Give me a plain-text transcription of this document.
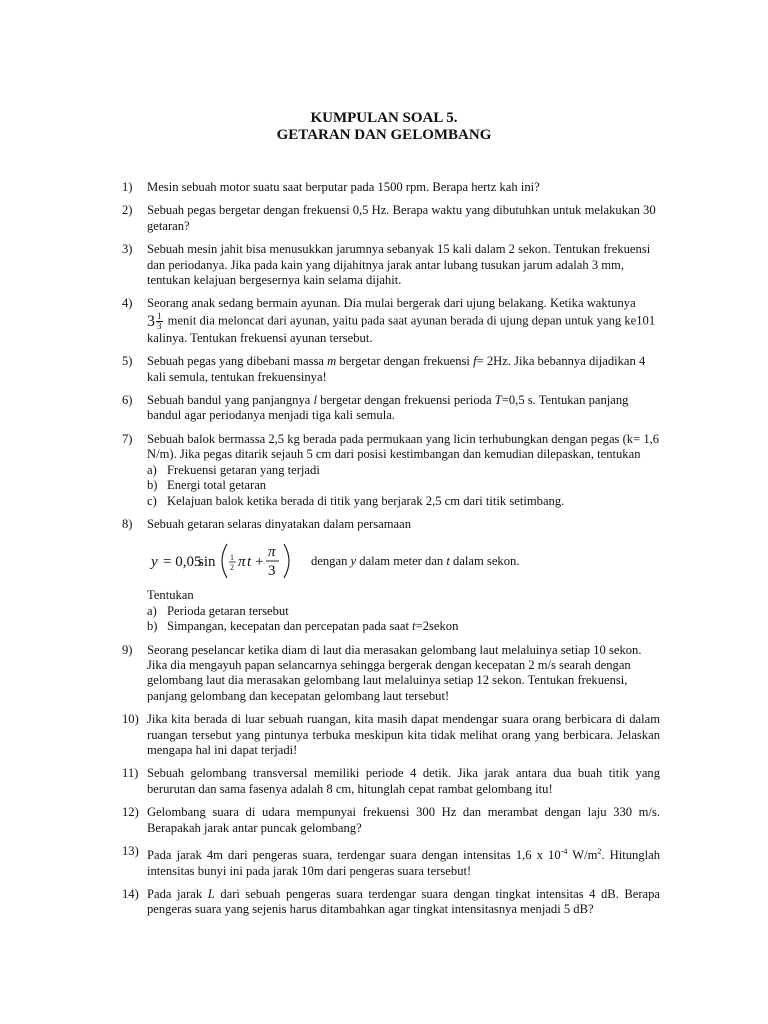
KUMPULAN SOAL 5.
GETARAN DAN GELOMBANG
1) Mesin sebuah motor suatu saat berputar pada 1500 rpm. Berapa hertz kah ini?
2) Sebuah pegas bergetar dengan frekuensi 0,5 Hz. Berapa waktu yang dibutuhkan untuk melakukan 30 getaran?
3) Sebuah mesin jahit bisa menusukkan jarumnya sebanyak 15 kali dalam 2 sekon. Tentukan frekuensi dan periodanya. Jika pada kain yang dijahitnya jarak antar lubang tusukan jarum adalah 3 mm, tentukan kelajuan bergesernya kain selama dijahit.
4) Seorang anak sedang bermain ayunan. Dia mulai bergerak dari ujung belakang. Ketika waktunya

$3 \frac{1}{3}$ menit dia meloncat dari ayunan, yaitu pada saat ayunan berada di ujung depan untuk yang ke101 kalinya. Tentukan frekuensi ayunan tersebut.
5) Sebuah pegas yang dibebani massa m bergetar dengan frekuensi f= 2Hz. Jika bebannya dijadikan 4 kali semula, tentukan frekuensinya!
6) Sebuah bandul yang panjangnya l bergetar dengan frekuensi perioda T=0,5 s. Tentukan panjang bandul agar periodanya menjadi tiga kali semula.
7) Sebuah balok bermassa 2,5 kg berada pada permukaan yang licin terhubungkan dengan pegas (k= 1,6 N/m). Jika pegas ditarik sejauh 5 cm dari posisi kestimbangan dan kemudian dilepaskan, tentukan
a) Frekuensi getaran yang terjadi
b) Energi total getaran
c) Kelajuan balok ketika berada di titik yang berjarak 2,5 cm dari titik setimbang.
8) Sebuah getaran selaras dinyatakan dalam persamaan
y = 0,05
sin 1
2 π t +
π
3
dengan y dalam meter dan t dalam sekon.
Tentukan
a) Perioda getaran tersebut
b) Simpangan, kecepatan dan percepatan pada saat t=2sekon
9) Seorang peselancar ketika diam di laut dia merasakan gelombang laut melaluinya setiap 10 sekon. Jika dia mengayuh papan selancarnya sehingga bergerak dengan kecepatan 2 m/s searah dengan gelombang laut dia merasakan gelombang laut melaluinya setiap 12 sekon. Tentukan frekuensi, panjang gelombang dan kecepatan gelombang laut tersebut!
10) Jika kita berada di luar sebuah ruangan, kita masih dapat mendengar suara orang berbicara di dalam ruangan tersebut yang pintunya terbuka meskipun kita tidak melihat orang yang berbicara. Jelaskan mengapa hal ini dapat terjadi!
11) Sebuah gelombang transversal memiliki periode 4 detik. Jika jarak antara dua buah titik yang berurutan dan sama fasenya adalah 8 cm, hitunglah cepat rambat gelombang itu!
12) Gelombang suara di udara mempunyai frekuensi 300 Hz dan merambat dengan laju 330 m/s. Berapakah jarak antar puncak gelombang?
13) Pada jarak 4m dari pengeras suara, terdengar suara dengan intensitas 1,6 x $10^{-4}$ $W/m^2$. Hitunglah intensitas bunyi ini pada jarak 10m dari pengeras suara tersebut!
14) Pada jarak L dari sebuah pengeras suara terdengar suara dengan tingkat intensitas 4 dB. Berapa pengeras suara yang sejenis harus ditambahkan agar tingkat intensitasnya menjadi 5 dB?
